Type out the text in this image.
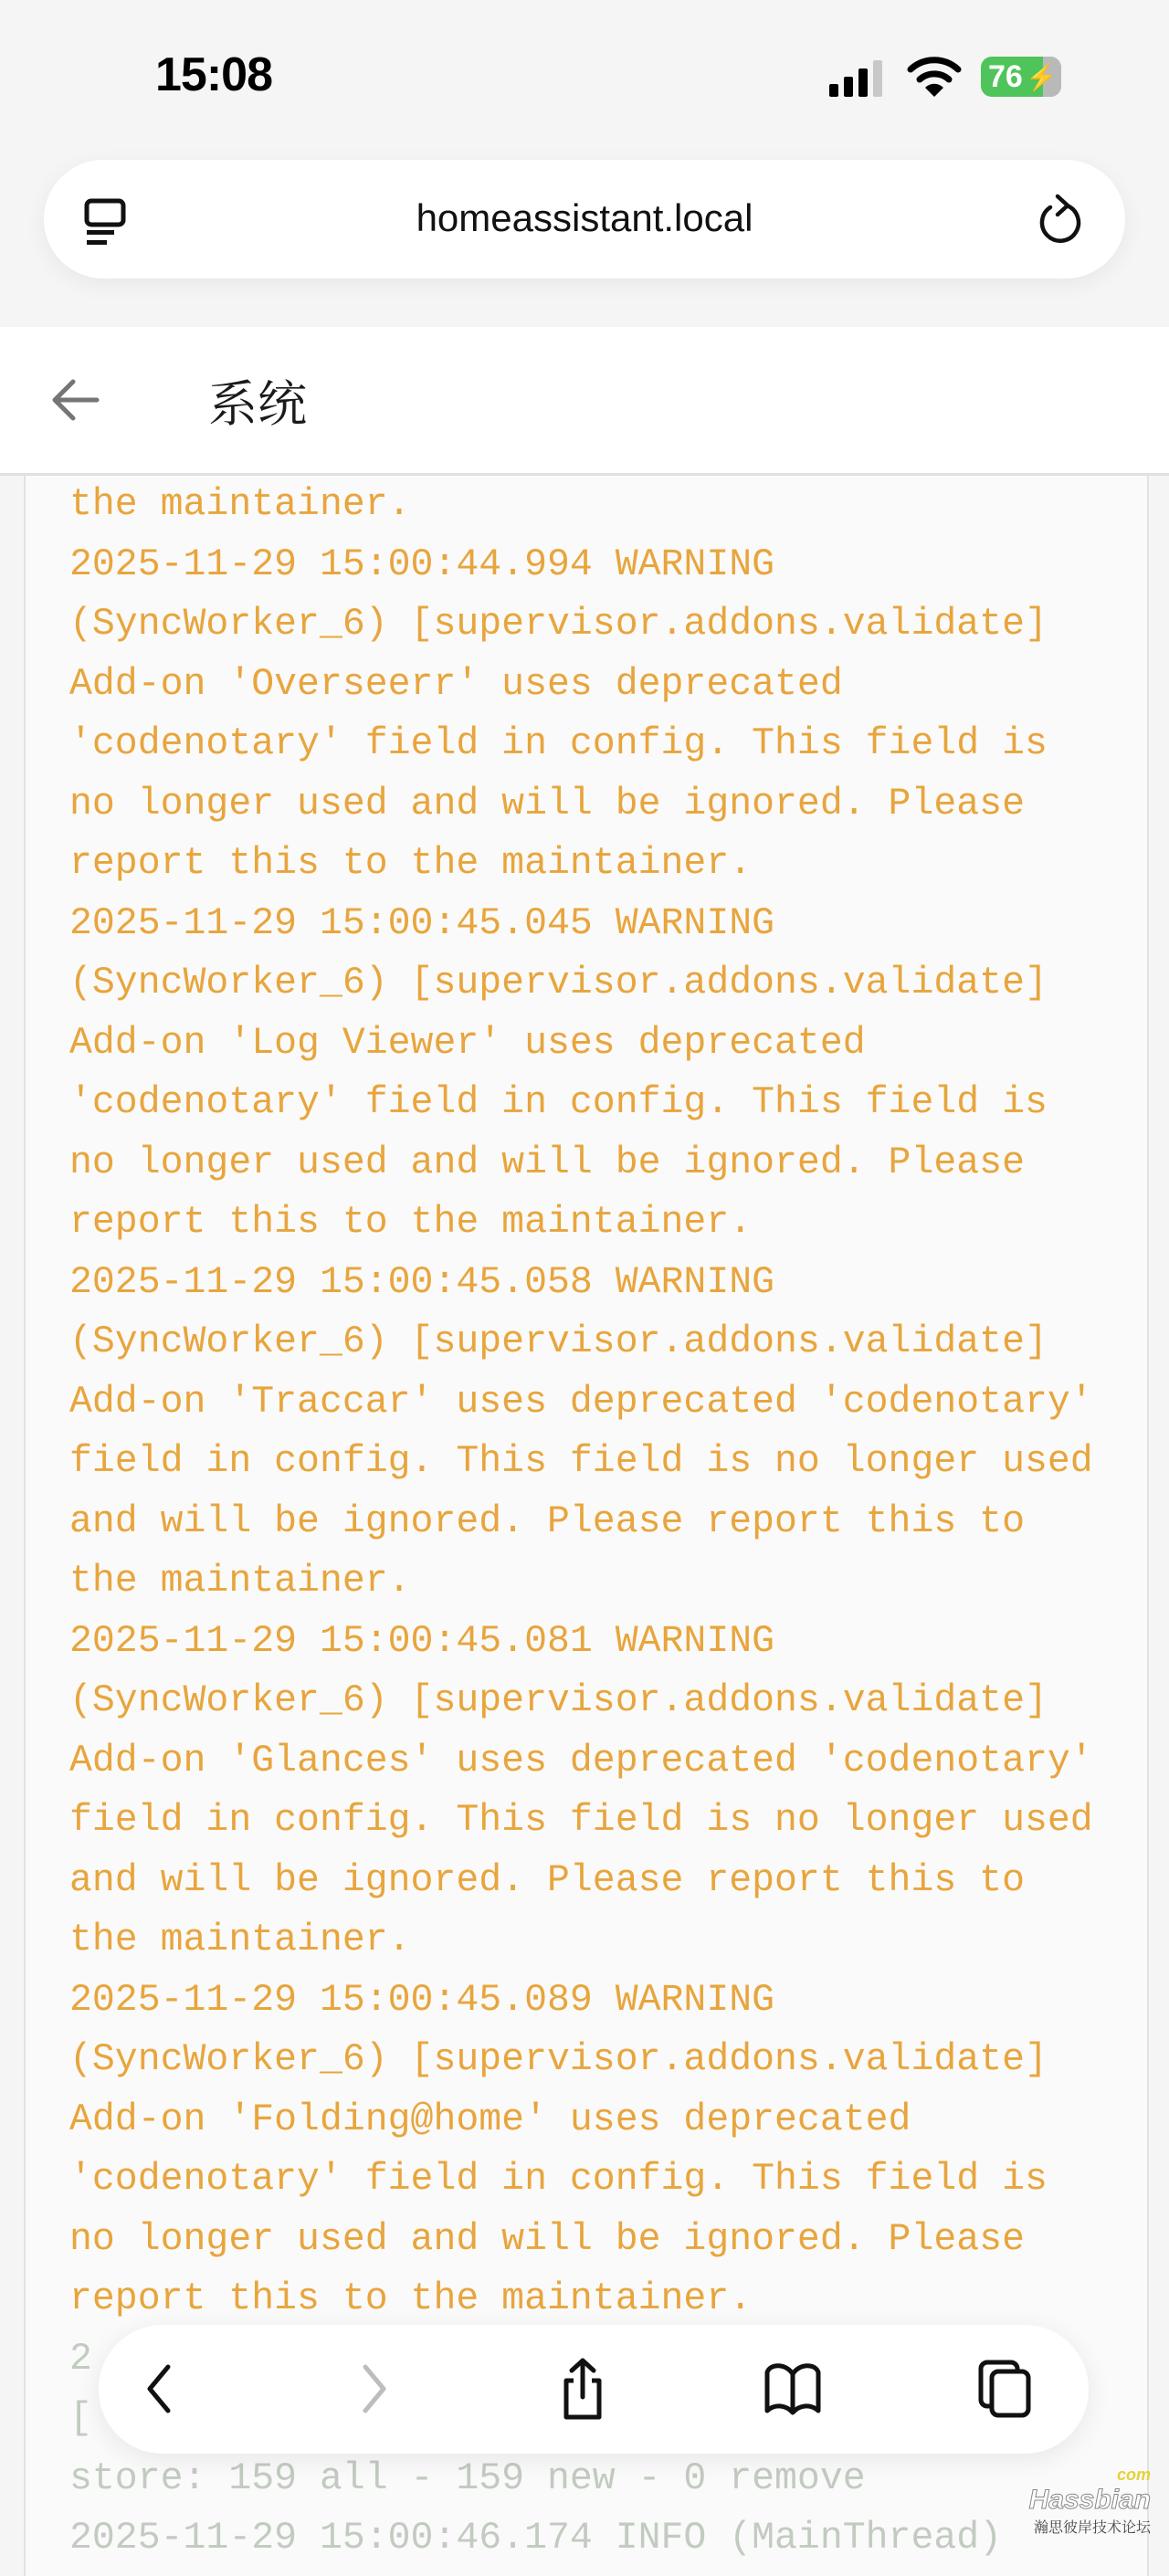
15:08	76 ⚡
homeassistant.local
系统
the maintainer.
2025-11-29 15:00:44.994 WARNING
(SyncWorker_6) [supervisor.addons.validate]
Add-on 'Overseerr' uses deprecated
'codenotary' field in config. This field is
no longer used and will be ignored. Please
report this to the maintainer.
2025-11-29 15:00:45.045 WARNING
(SyncWorker_6) [supervisor.addons.validate]
Add-on 'Log Viewer' uses deprecated
'codenotary' field in config. This field is
no longer used and will be ignored. Please
report this to the maintainer.
2025-11-29 15:00:45.058 WARNING
(SyncWorker_6) [supervisor.addons.validate]
Add-on 'Traccar' uses deprecated 'codenotary'
field in config. This field is no longer used
and will be ignored. Please report this to
the maintainer.
2025-11-29 15:00:45.081 WARNING
(SyncWorker_6) [supervisor.addons.validate]
Add-on 'Glances' uses deprecated 'codenotary'
field in config. This field is no longer used
and will be ignored. Please report this to
the maintainer.
2025-11-29 15:00:45.089 WARNING
(SyncWorker_6) [supervisor.addons.validate]
Add-on 'Folding@home' uses deprecated
'codenotary' field in config. This field is
no longer used and will be ignored. Please
report this to the maintainer.
2
[
store: 159 all - 159 new - 0 remove
2025-11-29 15:00:46.174 INFO (MainThread)
com
Hassbian
瀚思彼岸技术论坛
